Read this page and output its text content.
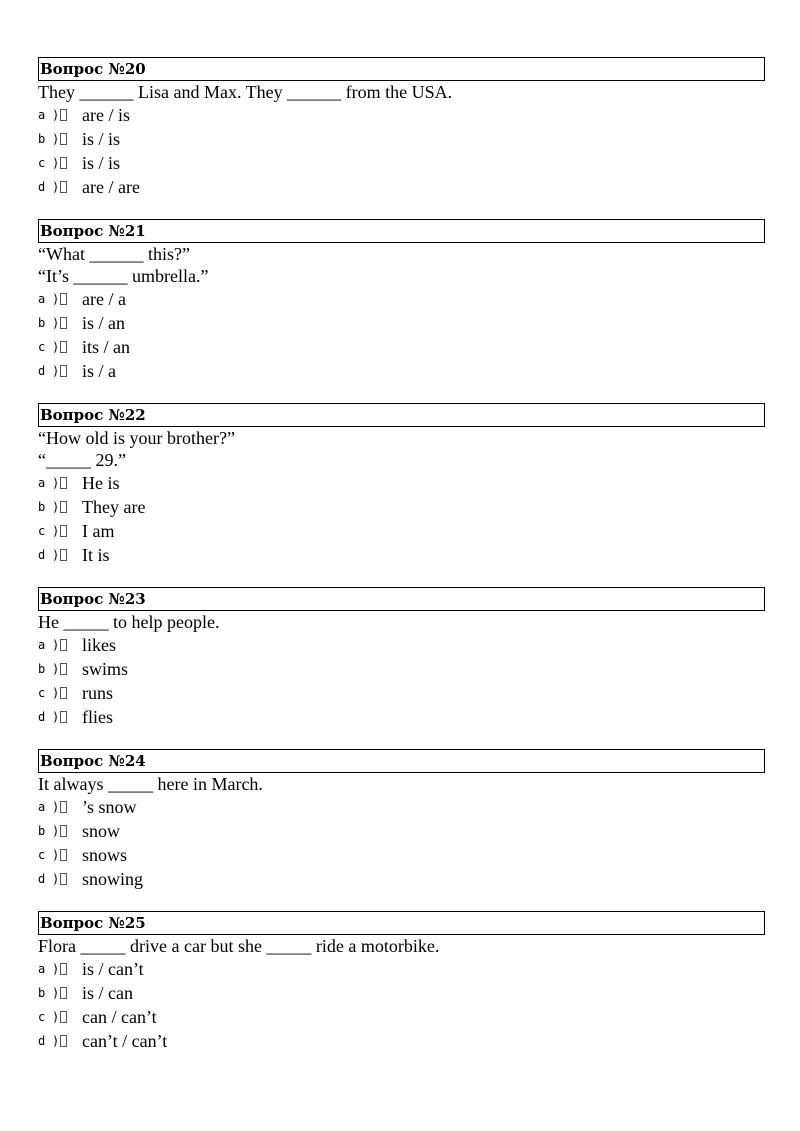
Вопрос №20
They ______ Lisa and Max. They ______ from the USA.
a ) are / is
b ) is / is
c ) is / is
d ) are / are
Вопрос №21
“What ______ this?”
“It’s ______ umbrella.”
a ) are / a
b ) is / an
c ) its / an
d ) is / a
Вопрос №22
“How old is your brother?”
“_____ 29.”
a ) He is
b ) They are
c ) I am
d ) It is
Вопрос №23
He _____ to help people.
a ) likes
b ) swims
c ) runs
d ) flies
Вопрос №24
It always _____ here in March.
a ) ’s snow
b ) snow
c ) snows
d ) snowing
Вопрос №25
Flora _____ drive a car but she _____ ride a motorbike.
a ) is / can’t
b ) is / can
c ) can / can’t
d ) can’t / can’t
